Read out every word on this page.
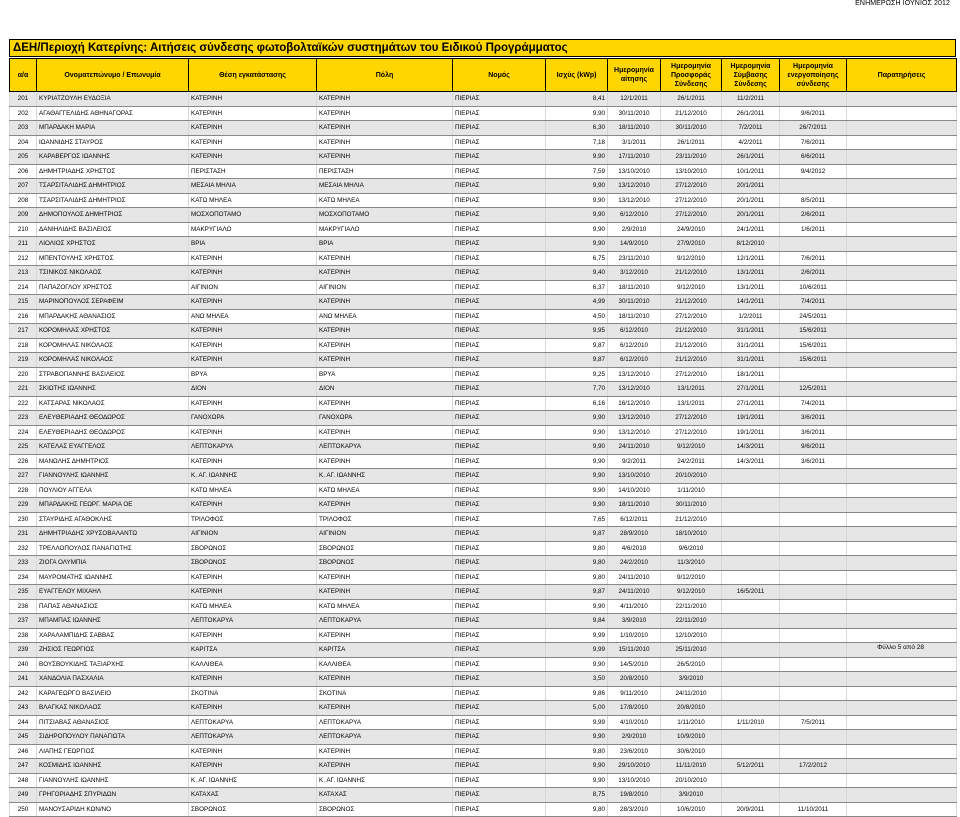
ΕΝΗΜΕΡΩΣΗ ΙΟΥΝΙΟΣ 2012
ΔΕΗ/Περιοχή Κατερίνης: Αιτήσεις σύνδεσης φωτοβολταϊκών συστημάτων του Ειδικού Προγράμματος
α/α	Ονοματεπώνυμο / Επωνυμία	Θέση εγκατάστασης	Πόλη	Νομός	Ισχύς (kWp)	Ημερομηνία αίτησης	Ημερομηνία Προσφοράς Σύνδεσης	Ημερομηνία Σύμβασης Σύνδεσης	Ημερομηνία ενεργοποίησης σύνδεσης	Παρατηρήσεις
201	ΚΥΡΙΑΤΖΟΥΛΗ ΕΥΔΟΞΙΑ	ΚΑΤΕΡΙΝΗ	ΚΑΤΕΡΙΝΗ	ΠΙΕΡΙΑΣ	8,41	12/1/2011	26/1/2011	11/2/2011		
202	ΑΓΑΘΑΓΓΕΛΙΔΗΣ ΑΘΗΝΑΓΟΡΑΣ	ΚΑΤΕΡΙΝΗ	ΚΑΤΕΡΙΝΗ	ΠΙΕΡΙΑΣ	9,90	30/11/2010	21/12/2010	26/1/2011	9/6/2011	
203	ΜΠΑΡΔΑΚΗ ΜΑΡΙΑ	ΚΑΤΕΡΙΝΗ	ΚΑΤΕΡΙΝΗ	ΠΙΕΡΙΑΣ	6,30	18/11/2010	30/11/2010	7/2/2011	26/7/2011	
204	ΙΩΑΝΝΙΔΗΣ ΣΤΑΥΡΟΣ	ΚΑΤΕΡΙΝΗ	ΚΑΤΕΡΙΝΗ	ΠΙΕΡΙΑΣ	7,18	3/1/2011	26/1/2011	4/2/2011	7/6/2011	
205	ΚΑΡΑΒΕΡΓΟΣ ΙΩΑΝΝΗΣ	ΚΑΤΕΡΙΝΗ	ΚΑΤΕΡΙΝΗ	ΠΙΕΡΙΑΣ	9,90	17/11/2010	23/11/2010	26/1/2011	6/6/2011	
206	ΔΗΜΗΤΡΙΑΔΗΣ ΧΡΗΣΤΟΣ	ΠΕΡΙΣΤΑΣΗ	ΠΕΡΙΣΤΑΣΗ	ΠΙΕΡΙΑΣ	7,59	13/10/2010	13/10/2010	10/1/2011	9/4/2012	
207	ΤΣΑΡΣΙΤΑΛΙΔΗΣ ΔΗΜΗΤΡΙΟΣ	ΜΕΣΑΙΑ ΜΗΛΙΑ	ΜΕΣΑΙΑ ΜΗΛΙΑ	ΠΙΕΡΙΑΣ	9,90	13/12/2010	27/12/2010	20/1/2011		
208	ΤΣΑΡΣΙΤΑΛΙΔΗΣ ΔΗΜΗΤΡΙΟΣ	ΚΑΤΩ ΜΗΛΕΑ	ΚΑΤΩ ΜΗΛΕΑ	ΠΙΕΡΙΑΣ	9,90	13/12/2010	27/12/2010	20/1/2011	8/5/2011	
209	ΔΗΜΟΠΟΥΛΟΣ ΔΗΜΗΤΡΙΟΣ	ΜΟΣΧΟΠΟΤΑΜΟ	ΜΟΣΧΟΠΟΤΑΜΟ	ΠΙΕΡΙΑΣ	9,90	6/12/2010	27/12/2010	20/1/2011	2/6/2011	
210	ΔΑΝΙΗΛΙΔΗΣ ΒΑΣΙΛΕΙΟΣ	ΜΑΚΡΥΓΙΑΛΟ	ΜΑΚΡΥΓΙΑΛΟ	ΠΙΕΡΙΑΣ	9,90	2/9/2010	24/9/2010	24/1/2011	1/6/2011	
211	ΛΙΟΛΙΟΣ ΧΡΗΣΤΟΣ	ΒΡΙΑ	ΒΡΙΑ	ΠΙΕΡΙΑΣ	9,90	14/9/2010	27/9/2010	8/12/2010		
212	ΜΠΕΝΤΟΥΛΗΣ ΧΡΗΣΤΟΣ	ΚΑΤΕΡΙΝΗ	ΚΑΤΕΡΙΝΗ	ΠΙΕΡΙΑΣ	6,75	23/11/2010	9/12/2010	12/1/2011	7/6/2011	
213	ΤΣΙΝΙΚΟΣ ΝΙΚΟΛΑΟΣ	ΚΑΤΕΡΙΝΗ	ΚΑΤΕΡΙΝΗ	ΠΙΕΡΙΑΣ	9,40	3/12/2010	21/12/2010	13/1/2011	2/6/2011	
214	ΠΑΠΑΖΟΓΛΟΥ ΧΡΗΣΤΟΣ	ΑΙΓΙΝΙΟΝ	ΑΙΓΙΝΙΟΝ	ΠΙΕΡΙΑΣ	6,37	18/11/2010	9/12/2010	13/1/2011	10/6/2011	
215	ΜΑΡΙΝΟΠΟΥΛΟΣ ΣΕΡΑΦΕΙΜ	ΚΑΤΕΡΙΝΗ	ΚΑΤΕΡΙΝΗ	ΠΙΕΡΙΑΣ	4,99	30/11/2010	21/12/2010	14/1/2011	7/4/2011	
216	ΜΠΑΡΔΑΚΗΣ ΑΘΑΝΑΣΙΟΣ	ΑΝΩ ΜΗΛΕΑ	ΑΝΩ ΜΗΛΕΑ	ΠΙΕΡΙΑΣ	4,50	18/11/2010	27/12/2010	1/2/2011	24/5/2011	
217	ΚΟΡΟΜΗΛΑΣ ΧΡΗΣΤΟΣ	ΚΑΤΕΡΙΝΗ	ΚΑΤΕΡΙΝΗ	ΠΙΕΡΙΑΣ	9,95	6/12/2010	21/12/2010	31/1/2011	15/6/2011	
218	ΚΟΡΟΜΗΛΑΣ ΝΙΚΟΛΑΟΣ	ΚΑΤΕΡΙΝΗ	ΚΑΤΕΡΙΝΗ	ΠΙΕΡΙΑΣ	9,87	6/12/2010	21/12/2010	31/1/2011	15/6/2011	
219	ΚΟΡΟΜΗΛΑΣ ΝΙΚΟΛΑΟΣ	ΚΑΤΕΡΙΝΗ	ΚΑΤΕΡΙΝΗ	ΠΙΕΡΙΑΣ	9,87	6/12/2010	21/12/2010	31/1/2011	15/6/2011	
220	ΣΤΡΑΒΟΠΑΝΝΗΣ ΒΑΣΙΛΕΙΟΣ	ΒΡΥΑ	ΒΡΥΑ	ΠΙΕΡΙΑΣ	9,25	13/12/2010	27/12/2010	18/1/2011		
221	ΣΚΙΩΤΗΣ ΙΩΑΝΝΗΣ	ΔΙΟΝ	ΔΙΟΝ	ΠΙΕΡΙΑΣ	7,70	13/12/2010	13/1/2011	27/1/2011	12/5/2011	
222	ΚΑΤΣΑΡΑΣ ΝΙΚΟΛΑΟΣ	ΚΑΤΕΡΙΝΗ	ΚΑΤΕΡΙΝΗ	ΠΙΕΡΙΑΣ	6,16	16/12/2010	13/1/2011	27/1/2011	7/4/2011	
223	ΕΛΕΥΘΕΡΙΑΔΗΣ ΘΕΟΔΩΡΟΣ	ΓΑΝΟΧΩΡΑ	ΓΑΝΟΧΩΡΑ	ΠΙΕΡΙΑΣ	9,90	13/12/2010	27/12/2010	19/1/2011	3/6/2011	
224	ΕΛΕΥΘΕΡΙΑΔΗΣ ΘΕΟΔΩΡΟΣ	ΚΑΤΕΡΙΝΗ	ΚΑΤΕΡΙΝΗ	ΠΙΕΡΙΑΣ	9,90	13/12/2010	27/12/2010	19/1/2011	3/6/2011	
225	ΚΑΤΕΛΑΣ ΕΥΑΓΓΕΛΟΣ	ΛΕΠΤΟΚΑΡΥΑ	ΛΕΠΤΟΚΑΡΥΑ	ΠΙΕΡΙΑΣ	9,90	24/11/2010	9/12/2010	14/3/2011	9/6/2011	
226	ΜΑΝΩΛΗΣ ΔΗΜΗΤΡΙΟΣ	ΚΑΤΕΡΙΝΗ	ΚΑΤΕΡΙΝΗ	ΠΙΕΡΙΑΣ	9,90	9/2/2011	24/2/2011	14/3/2011	3/6/2011	
227	ΓΙΑΝΝΟΥΛΗΣ ΙΩΑΝΝΗΣ	Κ. ΑΓ. ΙΩΑΝΝΗΣ	Κ. ΑΓ. ΙΩΑΝΝΗΣ	ΠΙΕΡΙΑΣ	9,90	13/10/2010	20/10/2010			
228	ΠΟΥΛΙΟΥ ΑΓΓΕΛΑ	ΚΑΤΩ ΜΗΛΕΑ	ΚΑΤΩ ΜΗΛΕΑ	ΠΙΕΡΙΑΣ	9,90	14/10/2010	1/11/2010			
229	ΜΠΑΡΔΑΚΗΣ ΓΕΩΡΓ. ΜΑΡΙΑ ΟΕ	ΚΑΤΕΡΙΝΗ	ΚΑΤΕΡΙΝΗ	ΠΙΕΡΙΑΣ	9,90	18/11/2010	30/11/2010			
230	ΣΤΑΥΡΙΔΗΣ ΑΓΑΘΟΚΛΗΣ	ΤΡΙΛΟΦΟΣ	ΤΡΙΛΟΦΟΣ	ΠΙΕΡΙΑΣ	7,65	6/12/2011	21/12/2010			
231	ΔΗΜΗΤΡΙΑΔΗΣ ΧΡΥΣΟΒΑΛΑΝΤΩ	ΑΙΓΙΝΙΟΝ	ΑΙΓΙΝΙΟΝ	ΠΙΕΡΙΑΣ	9,87	28/9/2010	18/10/2010			
232	ΤΡΕΛΛΟΠΟΥΛΟΣ ΠΑΝΑΓΙΩΤΗΣ	ΣΒΟΡΩΝΟΣ	ΣΒΟΡΩΝΟΣ	ΠΙΕΡΙΑΣ	9,80	4/6/2010	9/6/2010			
233	ΖΙΟΓΑ ΟΛΥΜΠΙΑ	ΣΒΟΡΩΝΟΣ	ΣΒΟΡΩΝΟΣ	ΠΙΕΡΙΑΣ	9,80	24/2/2010	11/3/2010			
234	ΜΑΥΡΟΜΑΤΗΣ ΙΩΑΝΝΗΣ	ΚΑΤΕΡΙΝΗ	ΚΑΤΕΡΙΝΗ	ΠΙΕΡΙΑΣ	9,80	24/11/2010	9/12/2010			
235	ΕΥΑΓΓΕΛΟΥ ΜΙΧΑΗΛ	ΚΑΤΕΡΙΝΗ	ΚΑΤΕΡΙΝΗ	ΠΙΕΡΙΑΣ	9,87	24/11/2010	9/12/2010	16/5/2011		
236	ΠΑΠΑΣ ΑΘΑΝΑΣΙΟΣ	ΚΑΤΩ ΜΗΛΕΑ	ΚΑΤΩ ΜΗΛΕΑ	ΠΙΕΡΙΑΣ	9,90	4/11/2010	22/11/2010			
237	ΜΠΑΜΠΑΣ ΙΩΑΝΝΗΣ	ΛΕΠΤΟΚΑΡΥΑ	ΛΕΠΤΟΚΑΡΥΑ	ΠΙΕΡΙΑΣ	9,84	3/9/2010	22/11/2010			
238	ΧΑΡΑΛΑΜΠΙΔΗΣ ΣΑΒΒΑΣ	ΚΑΤΕΡΙΝΗ	ΚΑΤΕΡΙΝΗ	ΠΙΕΡΙΑΣ	9,99	1/10/2010	12/10/2010			
239	ΖΗΣΙΟΣ ΓΕΩΡΓΙΟΣ	ΚΑΡΙΤΣΑ	ΚΑΡΙΤΣΑ	ΠΙΕΡΙΑΣ	9,99	15/11/2010	25/11/2010			
240	ΒΟΥΣΒΟΥΚΙΔΗΣ ΤΑΞΙΑΡΧΗΣ	ΚΑΛΛΙΘΕΑ	ΚΑΛΛΙΘΕΑ	ΠΙΕΡΙΑΣ	9,90	14/5/2010	26/5/2010			
241	ΧΑΝΔΟΛΙΑ ΠΑΣΧΑΛΙΑ	ΚΑΤΕΡΙΝΗ	ΚΑΤΕΡΙΝΗ	ΠΙΕΡΙΑΣ	3,50	20/8/2010	3/9/2010			
242	ΚΑΡΑΓΕΩΡΓΟ ΒΑΣΙΛΕΙΟ	ΣΚΟΤΙΝΑ	ΣΚΟΤΙΝΑ	ΠΙΕΡΙΑΣ	9,86	9/11/2010	24/11/2010			
243	ΒΛΑΓΚΑΣ ΝΙΚΟΛΑΟΣ	ΚΑΤΕΡΙΝΗ	ΚΑΤΕΡΙΝΗ	ΠΙΕΡΙΑΣ	5,00	17/8/2010	20/8/2010			
244	ΠΙΤΣΙΑΒΑΣ ΑΘΑΝΑΣΙΟΣ	ΛΕΠΤΟΚΑΡΥΑ	ΛΕΠΤΟΚΑΡΥΑ	ΠΙΕΡΙΑΣ	9,99	4/10/2010	1/11/2010	1/11/2010	7/5/2011	
245	ΣΙΔΗΡΟΠΟΥΛΟΥ ΠΑΝΑΓΙΩΤΑ	ΛΕΠΤΟΚΑΡΥΑ	ΛΕΠΤΟΚΑΡΥΑ	ΠΙΕΡΙΑΣ	9,90	2/9/2010	10/9/2010			
246	ΛΙΑΠΗΣ ΓΕΩΡΓΙΟΣ	ΚΑΤΕΡΙΝΗ	ΚΑΤΕΡΙΝΗ	ΠΙΕΡΙΑΣ	9,80	23/6/2010	30/6/2010			
247	ΚΟΣΜΙΔΗΣ ΙΩΑΝΝΗΣ	ΚΑΤΕΡΙΝΗ	ΚΑΤΕΡΙΝΗ	ΠΙΕΡΙΑΣ	9,90	29/10/2010	11/11/2010	5/12/2011	17/2/2012	
248	ΓΙΑΝΝΟΥΛΗΣ ΙΩΑΝΝΗΣ	Κ. ΑΓ. ΙΩΑΝΝΗΣ	Κ. ΑΓ. ΙΩΑΝΝΗΣ	ΠΙΕΡΙΑΣ	9,90	13/10/2010	20/10/2010			
249	ΓΡΗΓΟΡΙΑΔΗΣ ΣΠΥΡΙΔΩΝ	ΚΑΤΑΧΑΣ	ΚΑΤΑΧΑΣ	ΠΙΕΡΙΑΣ	8,75	19/8/2010	3/9/2010			
250	ΜΑΝΟΥΣΑΡΙΔΗ ΚΩΝ/ΝΟ	ΣΒΟΡΩΝΟΣ	ΣΒΟΡΩΝΟΣ	ΠΙΕΡΙΑΣ	9,80	28/3/2010	10/6/2010	20/9/2011	11/10/2011	
Φύλλο 5 από 28
